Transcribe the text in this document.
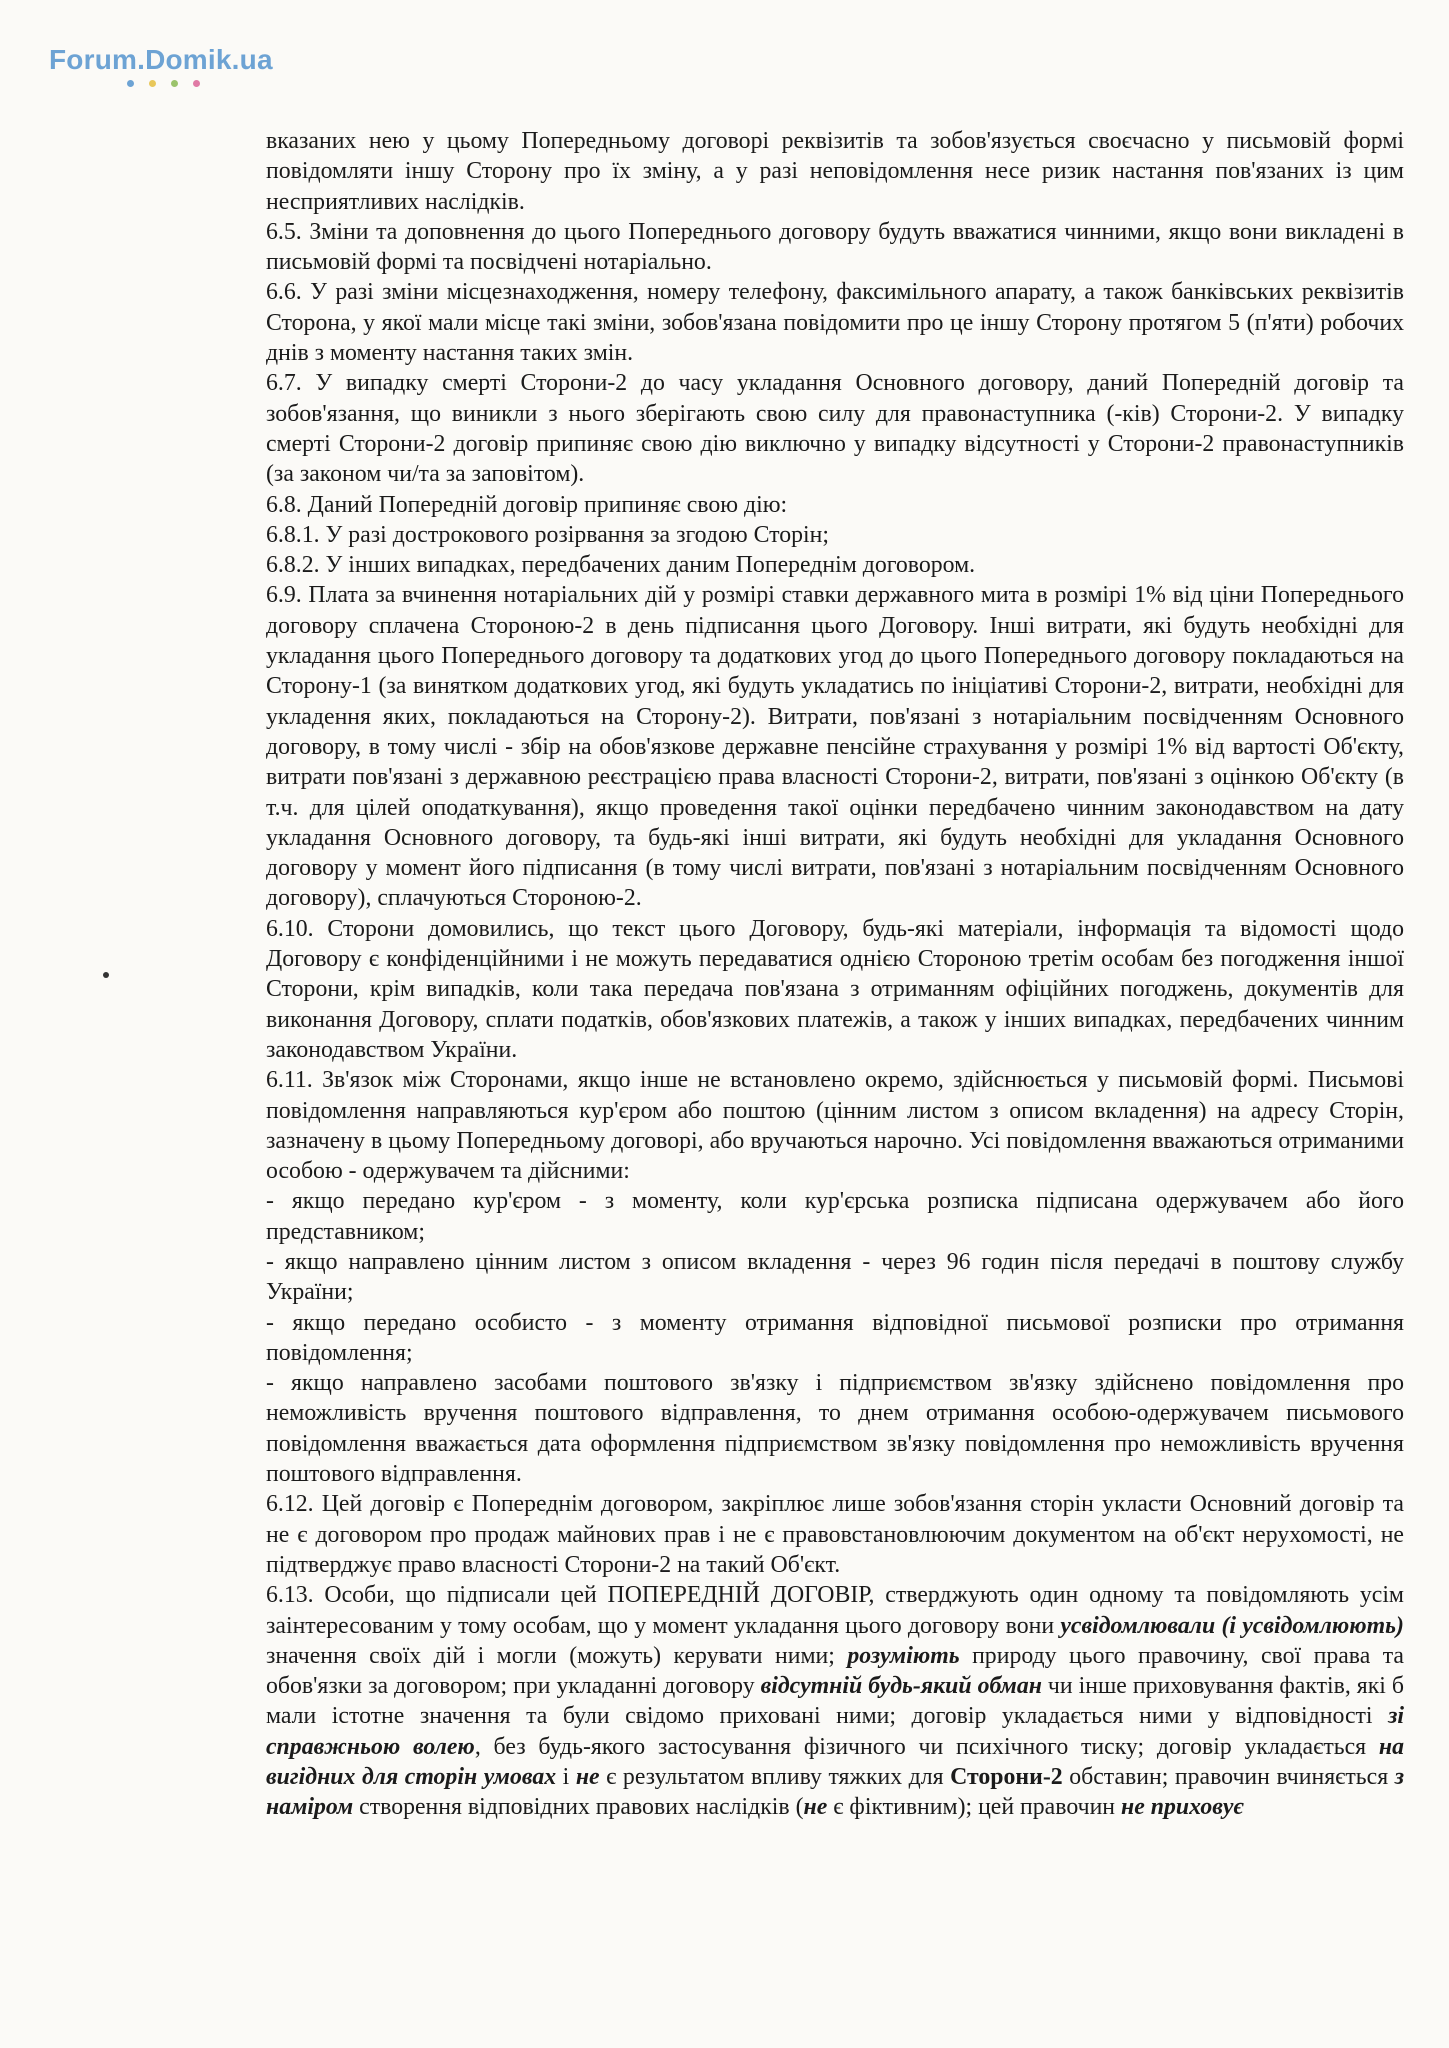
Forum.Domik.ua

вказаних нею у цьому Попередньому договорі реквізитів та зобов'язується своєчасно у письмовій формі повідомляти іншу Сторону про їх зміну, а у разі неповідомлення несе ризик настання пов'язаних із цим несприятливих наслідків.

6.5. Зміни та доповнення до цього Попереднього договору будуть вважатися чинними, якщо вони викладені в письмовій формі та посвідчені нотаріально.

6.6. У разі зміни місцезнаходження, номеру телефону, факсимільного апарату, а також банківських реквізитів Сторона, у якої мали місце такі зміни, зобов'язана повідомити про це іншу Сторону протягом 5 (п'яти) робочих днів з моменту настання таких змін.

6.7. У випадку смерті Сторони-2 до часу укладання Основного договору, даний Попередній договір та зобов'язання, що виникли з нього зберігають свою силу для правонаступника (-ків) Сторони-2. У випадку смерті Сторони-2 договір припиняє свою дію виключно у випадку відсутності у Сторони-2 правонаступників (за законом чи/та за заповітом).

6.8. Даний Попередній договір припиняє свою дію:

6.8.1. У разі дострокового розірвання за згодою Сторін;

6.8.2. У інших випадках, передбачених даним Попереднім договором.

6.9. Плата за вчинення нотаріальних дій у розмірі ставки державного мита в розмірі 1% від ціни Попереднього договору сплачена Стороною-2 в день підписання цього Договору. Інші витрати, які будуть необхідні для укладання цього Попереднього договору та додаткових угод до цього Попереднього договору покладаються на Сторону-1 (за винятком додаткових угод, які будуть укладатись по ініціативі Сторони-2, витрати, необхідні для укладення яких, покладаються на Сторону-2). Витрати, пов'язані з нотаріальним посвідченням Основного договору, в тому числі - збір на обов'язкове державне пенсійне страхування у розмірі 1% від вартості Об'єкту, витрати пов'язані з державною реєстрацією права власності Сторони-2, витрати, пов'язані з оцінкою Об'єкту (в т.ч. для цілей оподаткування), якщо проведення такої оцінки передбачено чинним законодавством на дату укладання Основного договору, та будь-які інші витрати, які будуть необхідні для укладання Основного договору у момент його підписання (в тому числі витрати, пов'язані з нотаріальним посвідченням Основного договору), сплачуються Стороною-2.

6.10. Сторони домовились, що текст цього Договору, будь-які матеріали, інформація та відомості щодо Договору є конфіденційними і не можуть передаватися однією Стороною третім особам без погодження іншої Сторони, крім випадків, коли така передача пов'язана з отриманням офіційних погоджень, документів для виконання Договору, сплати податків, обов'язкових платежів, а також у інших випадках, передбачених чинним законодавством України.

6.11. Зв'язок між Сторонами, якщо інше не встановлено окремо, здійснюється у письмовій формі. Письмові повідомлення направляються кур'єром або поштою (цінним листом з описом вкладення) на адресу Сторін, зазначену в цьому Попередньому договорі, або вручаються нарочно. Усі повідомлення вважаються отриманими особою - одержувачем та дійсними:

- якщо передано кур'єром - з моменту, коли кур'єрська розписка підписана одержувачем або його представником;

- якщо направлено цінним листом з описом вкладення - через 96 годин після передачі в поштову службу України;

- якщо передано особисто - з моменту отримання відповідної письмової розписки про отримання повідомлення;

- якщо направлено засобами поштового зв'язку і підприємством зв'язку здійснено повідомлення про неможливість вручення поштового відправлення, то днем отримання особою-одержувачем письмового повідомлення вважається дата оформлення підприємством зв'язку повідомлення про неможливість вручення поштового відправлення.

6.12. Цей договір є Попереднім договором, закріплює лише зобов'язання сторін укласти Основний договір та не є договором про продаж майнових прав і не є правовстановлюючим документом на об'єкт нерухомості, не підтверджує право власності Сторони-2 на такий Об'єкт.

6.13. Особи, що підписали цей ПОПЕРЕДНІЙ ДОГОВІР, стверджують один одному та повідомляють усім заінтересованим у тому особам, що у момент укладання цього договору вони усвідомлювали (і усвідомлюють) значення своїх дій і могли (можуть) керувати ними; розуміють природу цього правочину, свої права та обов'язки за договором; при укладанні договору відсутній будь-який обман чи інше приховування фактів, які б мали істотне значення та були свідомо приховані ними; договір укладається ними у відповідності зі справжньою волею, без будь-якого застосування фізичного чи психічного тиску; договір укладається на вигідних для сторін умовах і не є результатом впливу тяжких для Сторони-2 обставин; правочин вчиняється з наміром створення відповідних правових наслідків (не є фіктивним); цей правочин не приховує
